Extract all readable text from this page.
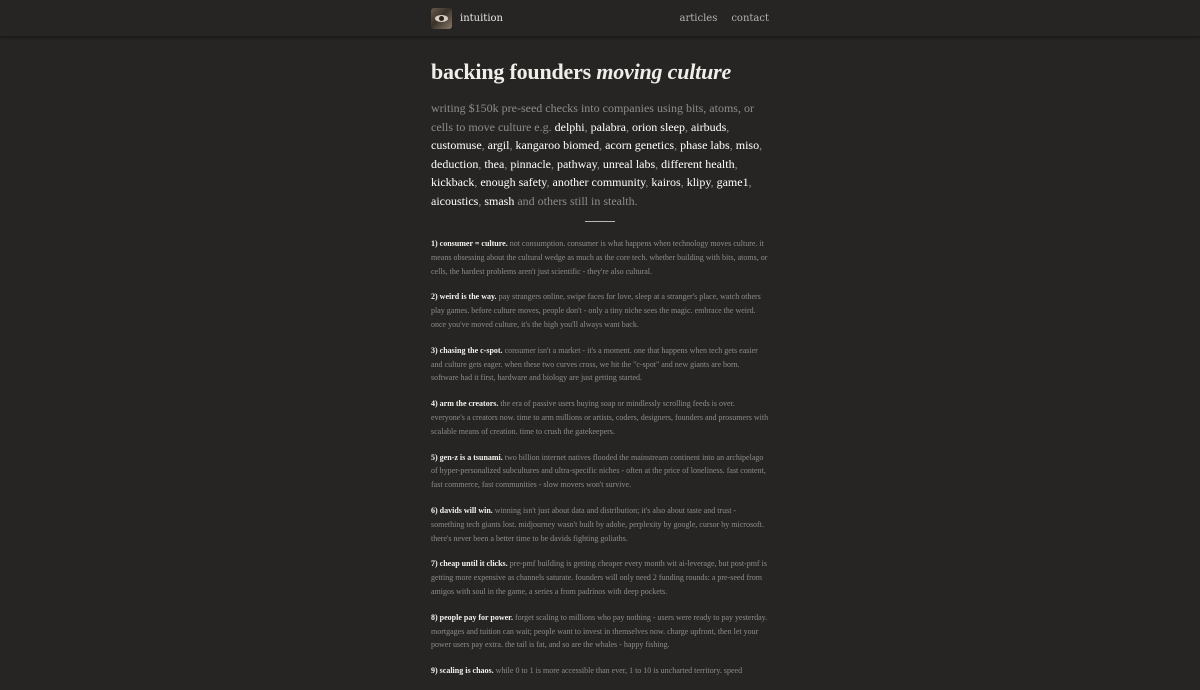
intuition	articles contact
backing founders moving culture

writing $150k pre-seed checks into companies using bits, atoms, or cells to move culture e.g. delphi, palabra, orion sleep, airbuds, customuse, argil, kangaroo biomed, acorn genetics, phase labs, miso, deduction, thea, pinnacle, pathway, unreal labs, different health, kickback, enough safety, another community, kairos, klipy, game1, aicoustics, smash and others still in stealth.

1) consumer = culture. not consumption. consumer is what happens when technology moves culture. it means obsessing about the cultural wedge as much as the core tech. whether building with bits, atoms, or cells, the hardest problems aren't just scientific - they're also cultural.

2) weird is the way. pay strangers online, swipe faces for love, sleep at a stranger's place, watch others play games. before culture moves, people don't - only a tiny niche sees the magic. embrace the weird. once you've moved culture, it's the high you'll always want back.

3) chasing the c-spot. consumer isn't a market - it's a moment. one that happens when tech gets easier and culture gets eager. when these two curves cross, we hit the "c-spot" and new giants are born. software had it first, hardware and biology are just getting started.

4) arm the creators. the era of passive users buying soap or mindlessly scrolling feeds is over. everyone's a creators now. time to arm millions or artists, coders, designers, founders and prosumers with scalable means of creation. time to crush the gatekeepers.

5) gen-z is a tsunami. two billion internet natives flooded the mainstream continent into an archipelago of hyper-personalized subcultures and ultra-specific niches - often at the price of loneliness. fast content, fast commerce, fast communities - slow movers won't survive.

6) davids will win. winning isn't just about data and distribution; it's also about taste and trust - something tech giants lost. midjourney wasn't built by adobe, perplexity by google, cursor by microsoft. there's never been a better time to be davids fighting goliaths.

7) cheap until it clicks. pre-pmf building is getting cheaper every month wit ai-leverage, but post-pmf is getting more expensive as channels saturate. founders will only need 2 funding rounds: a pre-seed from amigos with soul in the game, a series a from padrinos with deep pockets.

8) people pay for power. forget scaling to millions who pay nothing - users were ready to pay yesterday. mortgages and tuition can wait; people want to invest in themselves now. charge upfront, then let your power users pay extra. the tail is fat, and so are the whales - happy fishing.

9) scaling is chaos. while 0 to 1 is more accessible than ever, 1 to 10 is uncharted territory. speed
